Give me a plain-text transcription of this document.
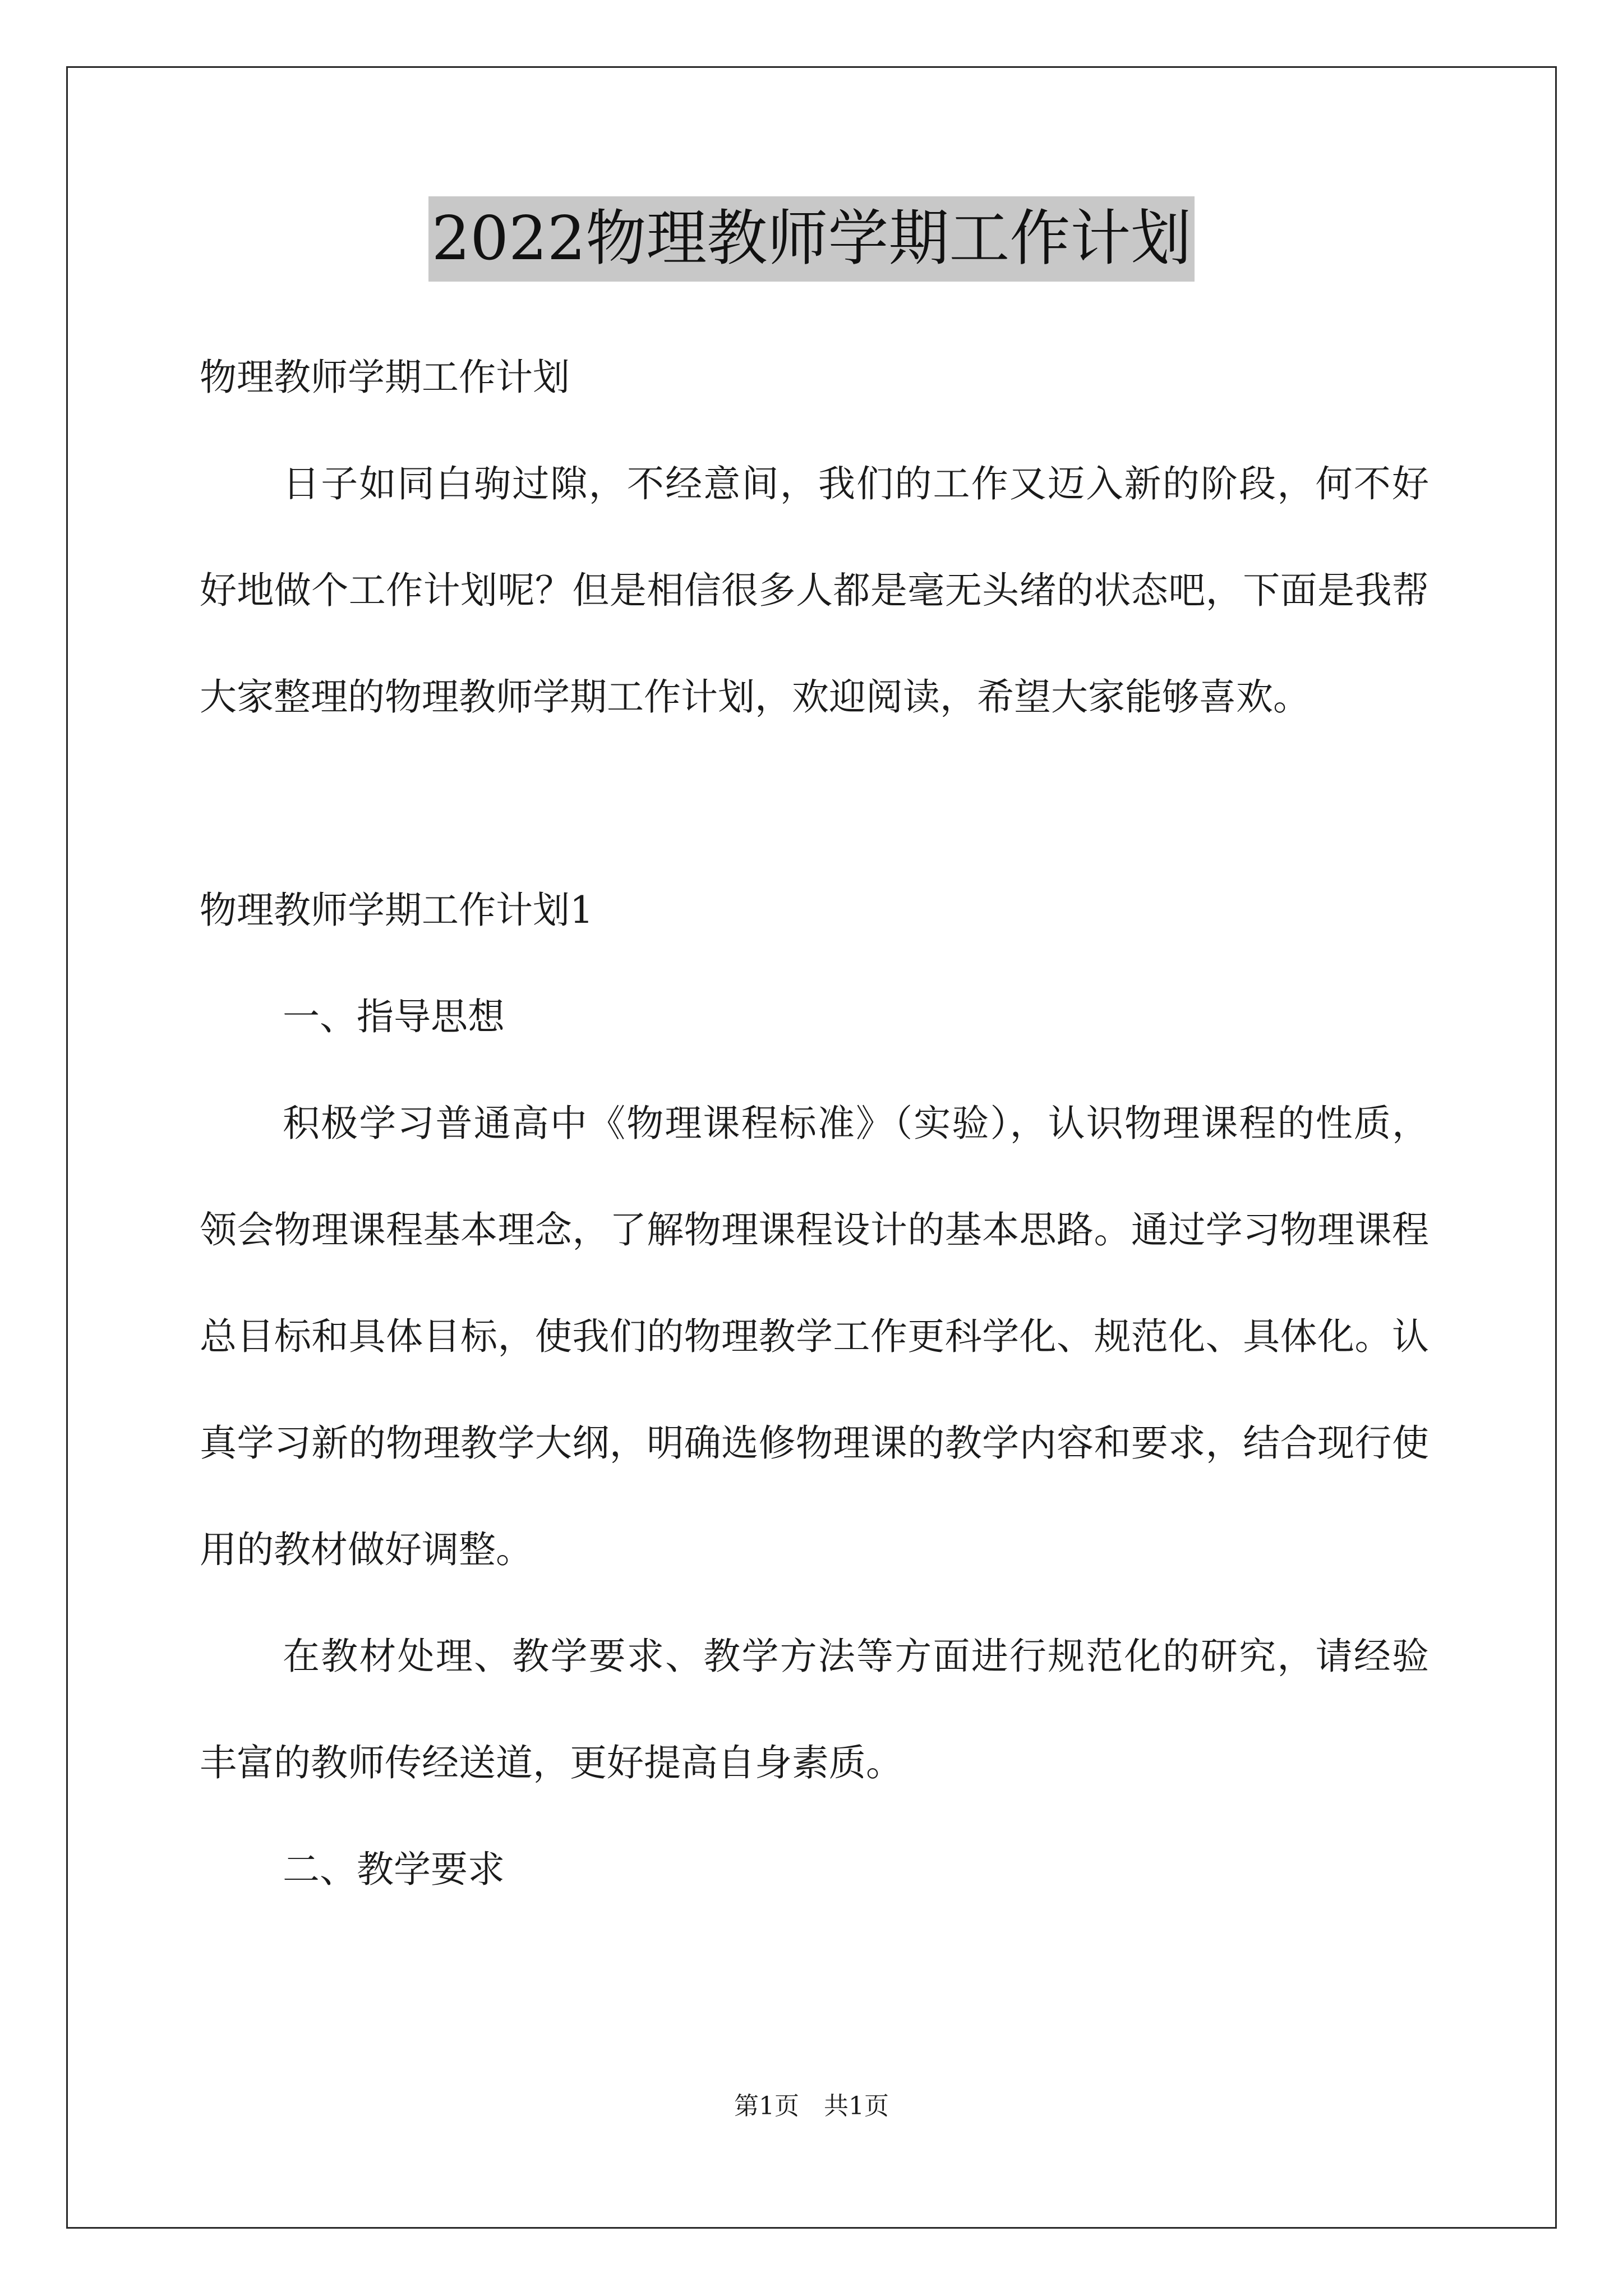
2022物理教师学期工作计划

物理教师学期工作计划

日子如同白驹过隙，不经意间，我们的工作又迈入新的阶段，何不好好地做个工作计划呢？但是相信很多人都是毫无头绪的状态吧，下面是我帮大家整理的物理教师学期工作计划，欢迎阅读，希望大家能够喜欢。

物理教师学期工作计划1

一、指导思想

积极学习普通高中《物理课程标准》（实验），认识物理课程的性质，领会物理课程基本理念，了解物理课程设计的基本思路。通过学习物理课程总目标和具体目标，使我们的物理教学工作更科学化、规范化、具体化。认真学习新的物理教学大纲，明确选修物理课的教学内容和要求，结合现行使用的教材做好调整。

在教材处理、教学要求、教学方法等方面进行规范化的研究，请经验丰富的教师传经送道，更好提高自身素质。

二、教学要求

第1页　共1页
